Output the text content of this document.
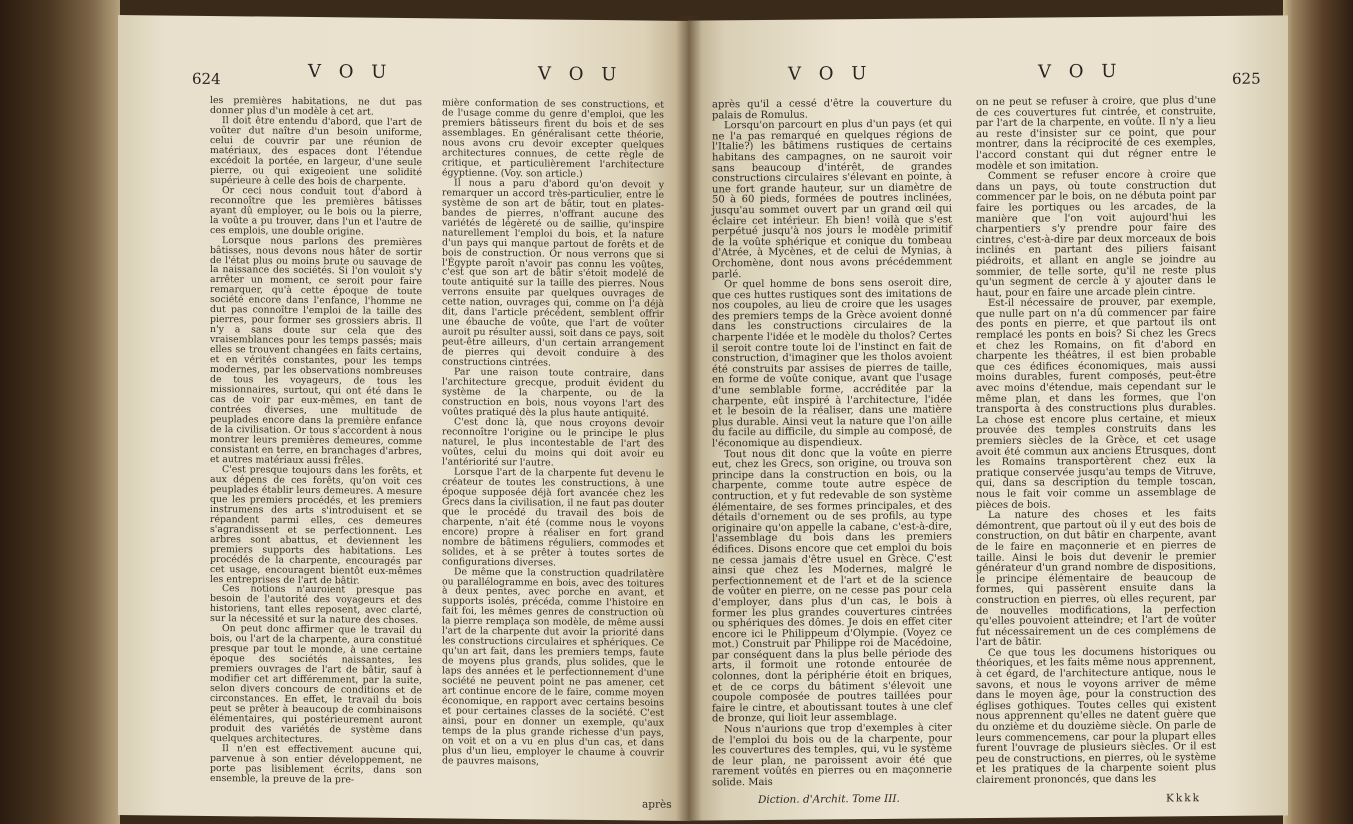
624	V O U	V O U

les premières habitations, ne dut pas donner plus d'un modèle à cet art.

Il doit être entendu d'abord, que l'art de voûter dut naître d'un besoin uniforme, celui de couvrir par une réunion de matériaux, des espaces dont l'étendue excédoit la portée, en largeur, d'une seule pierre, ou qui exigeoient une solidité supérieure à celle des bois de charpente.

Or ceci nous conduit tout d'abord à reconnoître que les premières bâtisses ayant dû employer, ou le bois ou la pierre, la voûte a pu trouver, dans l'un et l'autre de ces emplois, une double origine.

Lorsque nous parlons des premières bâtisses, nous devons nous hâter de sortir de l'état plus ou moins brute ou sauvage de la naissance des sociétés. Si l'on vouloit s'y arrêter un moment, ce seroit pour faire remarquer, qu'à cette époque de toute société encore dans l'enfance, l'homme ne dut pas connoître l'emploi de la taille des pierres, pour former ses grossiers abris. Il n'y a sans doute sur cela que des vraisemblances pour les temps passés; mais elles se trouvent changées en faits certains, et en vérités constantes, pour les temps modernes, par les observations nombreuses de tous les voyageurs, de tous les missionnaires, surtout, qui ont été dans le cas de voir par eux-mêmes, en tant de contrées diverses, une multitude de peuplades encore dans la première enfance de la civilisation. Or tous s'accordent à nous montrer leurs premières demeures, comme consistant en terre, en branchages d'arbres, et autres matériaux aussi frêles.

C'est presque toujours dans les forêts, et aux dépens de ces forêts, qu'on voit ces peuplades établir leurs demeures. A mesure que les premiers procédés, et les premiers instrumens des arts s'introduisent et se répandent parmi elles, ces demeures s'agrandissent et se perfectionnent. Les arbres sont abattus, et deviennent les premiers supports des habitations. Les procédés de la charpente, encouragés par cet usage, encouragent bientôt eux-mêmes les entreprises de l'art de bâtir.

Ces notions n'auroient presque pas besoin de l'autorité des voyageurs et des historiens, tant elles reposent, avec clarté, sur la nécessité et sur la nature des choses.

On peut donc affirmer que le travail du bois, ou l'art de la charpente, aura constitué presque par tout le monde, à une certaine époque des sociétés naissantes, les premiers ouvrages de l'art de bâtir, sauf à modifier cet art différemment, par la suite, selon divers concours de conditions et de circonstances. En effet, le travail du bois peut se prêter à beaucoup de combinaisons élémentaires, qui postérieurement auront produit des variétés de système dans quelques architectures.

Il n'en est effectivement aucune qui, parvenue à son entier développement, ne porte pas lisiblement écrits, dans son ensemble, la preuve de la pre-

mière conformation de ses constructions, et de l'usage comme du genre d'emploi, que les premiers bâtisseurs firent du bois et de ses assemblages. En généralisant cette théorie, nous avons cru devoir excepter quelques architectures connues, de cette règle de critique, et particulièrement l'architecture égyptienne. (Voy. son article.)

Il nous a paru d'abord qu'on devoit y remarquer un accord très-particulier, entre le système de son art de bâtir, tout en plates-bandes de pierres, n'offrant aucune des variétés de légèreté ou de saillie, qu'inspire naturellement l'emploi du bois, et la nature d'un pays qui manque partout de forêts et de bois de construction. Or nous verrons que si l'Égypte paroît n'avoir pas connu les voûtes, c'est que son art de bâtir s'étoit modelé de toute antiquité sur la taille des pierres. Nous verrons ensuite par quelques ouvrages de cette nation, ouvrages qui, comme on l'a déjà dit, dans l'article précédent, semblent offrir une ébauche de voûte, que l'art de voûter auroit pu résulter aussi, soit dans ce pays, soit peut-être ailleurs, d'un certain arrangement de pierres qui devoit conduire à des constructions cintrées.

Par une raison toute contraire, dans l'architecture grecque, produit évident du système de la charpente, ou de la construction en bois, nous voyons l'art des voûtes pratiqué dès la plus haute antiquité.

C'est donc là, que nous croyons devoir reconnoître l'origine ou le principe le plus naturel, le plus incontestable de l'art des voûtes, celui du moins qui doit avoir eu l'antériorité sur l'autre.

Lorsque l'art de la charpente fut devenu le créateur de toutes les constructions, à une époque supposée déjà fort avancée chez les Grecs dans la civilisation, il ne faut pas douter que le procédé du travail des bois de charpente, n'ait été (comme nous le voyons encore) propre à réaliser en fort grand nombre de bâtimens réguliers, commodes et solides, et à se prêter à toutes sortes de configurations diverses.

De même que la construction quadrilatère ou parallélogramme en bois, avec des toitures à deux pentes, avec porche en avant, et supports isolés, précéda, comme l'histoire en fait foi, les mêmes genres de construction où la pierre remplaça son modèle, de même aussi l'art de la charpente dut avoir la priorité dans les constructions circulaires et sphériques. Ce qu'un art fait, dans les premiers temps, faute de moyens plus grands, plus solides, que le laps des années et le perfectionnement d'une société ne peuvent point ne pas amener, cet art continue encore de le faire, comme moyen économique, en rapport avec certains besoins et pour certaines classes de la société. C'est ainsi, pour en donner un exemple, qu'aux temps de la plus grande richesse d'un pays, on voit et on a vu en plus d'un cas, et dans plus d'un lieu, employer le chaume à couvrir de pauvres maisons,

après
V O U	V O U	625

après qu'il a cessé d'être la couverture du palais de Romulus.

Lorsqu'on parcourt en plus d'un pays (et qui ne l'a pas remarqué en quelques régions de l'Italie?) les bâtimens rustiques de certains habitans des campagnes, on ne sauroit voir sans beaucoup d'intérêt, de grandes constructions circulaires s'élevant en pointe, à une fort grande hauteur, sur un diamètre de 50 à 60 pieds, formées de poutres inclinées, jusqu'au sommet ouvert par un grand œil qui éclaire cet intérieur. Eh bien! voilà que s'est perpétué jusqu'à nos jours le modèle primitif de la voûte sphérique et conique du tombeau d'Atrée, à Mycènes, et de celui de Mynias, à Orchomène, dont nous avons précédemment parlé.

Or quel homme de bons sens oseroit dire, que ces huttes rustiques sont des imitations de nos coupoles, au lieu de croire que les usages des premiers temps de la Grèce avoient donné dans les constructions circulaires de la charpente l'idée et le modèle du tholos? Certes il seroit contre toute loi de l'instinct en fait de construction, d'imaginer que les tholos avoient été construits par assises de pierres de taille, en forme de voûte conique, avant que l'usage d'une semblable forme, accréditée par la charpente, eût inspiré à l'architecture, l'idée et le besoin de la réaliser, dans une matière plus durable. Ainsi veut la nature que l'on aille du facile au difficile, du simple au composé, de l'économique au dispendieux.

Tout nous dit donc que la voûte en pierre eut, chez les Grecs, son origine, ou trouva son principe dans la construction en bois, ou la charpente, comme toute autre espèce de contruction, et y fut redevable de son système élémentaire, de ses formes principales, et des détails d'ornement ou de ses profils, au type originaire qu'on appelle la cabane, c'est-à-dire, l'assemblage du bois dans les premiers édifices. Disons encore que cet emploi du bois ne cessa jamais d'être usuel en Grèce. C'est ainsi que chez les Modernes, malgré le perfectionnement et de l'art et de la science de voûter en pierre, on ne cesse pas pour cela d'employer, dans plus d'un cas, le bois à former les plus grandes couvertures cintrées ou sphériques des dômes. Je dois en effet citer encore ici le Philippeum d'Olympie. (Voyez ce mot.) Construit par Philippe roi de Macédoine, par conséquent dans la plus belle période des arts, il formoit une rotonde entourée de colonnes, dont la périphérie étoit en briques, et de ce corps du bâtiment s'élevoit une coupole composée de poutres taillées pour faire le cintre, et aboutissant toutes à une clef de bronze, qui lioit leur assemblage.

Nous n'aurions que trop d'exemples à citer de l'emploi du bois ou de la charpente, pour les couvertures des temples, qui, vu le système de leur plan, ne paroissent avoir été que rarement voûtés en pierres ou en maçonnerie solide. Mais

on ne peut se refuser à croire, que plus d'une de ces couvertures fut cintrée, et construite, par l'art de la charpente, en voûte. Il n'y a lieu au reste d'insister sur ce point, que pour montrer, dans la réciprocité de ces exemples, l'accord constant qui dut régner entre le modèle et son imitation.

Comment se refuser encore à croire que dans un pays, où toute construction dut commencer par le bois, on ne débuta point par faire les portiques ou les arcades, de la manière que l'on voit aujourd'hui les charpentiers s'y prendre pour faire des cintres, c'est-à-dire par deux morceaux de bois inclinés en partant des piliers faisant piédroits, et allant en angle se joindre au sommier, de telle sorte, qu'il ne reste plus qu'un segment de cercle à y ajouter dans le haut, pour en faire une arcade plein cintre.

Est-il nécessaire de prouver, par exemple, que nulle part on n'a dû commencer par faire des ponts en pierre, et que partout ils ont remplacé les ponts en bois? Si chez les Grecs et chez les Romains, on fit d'abord en charpente les théâtres, il est bien probable que ces édifices économiques, mais aussi moins durables, furent composés, peut-être avec moins d'étendue, mais cependant sur le même plan, et dans les formes, que l'on transporta à des constructions plus durables. La chose est encore plus certaine, et mieux prouvée des temples construits dans les premiers siècles de la Grèce, et cet usage avoit été commun aux anciens Etrusques, dont les Romains transportèrent chez eux la pratique conservée jusqu'au temps de Vitruve, qui, dans sa description du temple toscan, nous le fait voir comme un assemblage de pièces de bois.

La nature des choses et les faits démontrent, que partout où il y eut des bois de construction, on dut bâtir en charpente, avant de le faire en maçonnerie et en pierres de taille. Ainsi le bois dut devenir le premier générateur d'un grand nombre de dispositions, le principe élémentaire de beaucoup de formes, qui passèrent ensuite dans la construction en pierres, où elles reçurent, par de nouvelles modifications, la perfection qu'elles pouvoient atteindre; et l'art de voûter fut nécessairement un de ces complémens de l'art de bâtir.

Ce que tous les documens historiques ou théoriques, et les faits même nous apprennent, à cet égard, de l'architecture antique, nous le savons, et nous le voyons arriver de même dans le moyen âge, pour la construction des églises gothiques. Toutes celles qui existent nous apprennent qu'elles ne datent guère que du onzième et du douzième siècle. On parle de leurs commencemens, car pour la plupart elles furent l'ouvrage de plusieurs siècles. Or il est peu de constructions, en pierres, où le système et les pratiques de la charpente soient plus clairement prononcés, que dans les

Diction. d'Archit. Tome III.	Kkkk
